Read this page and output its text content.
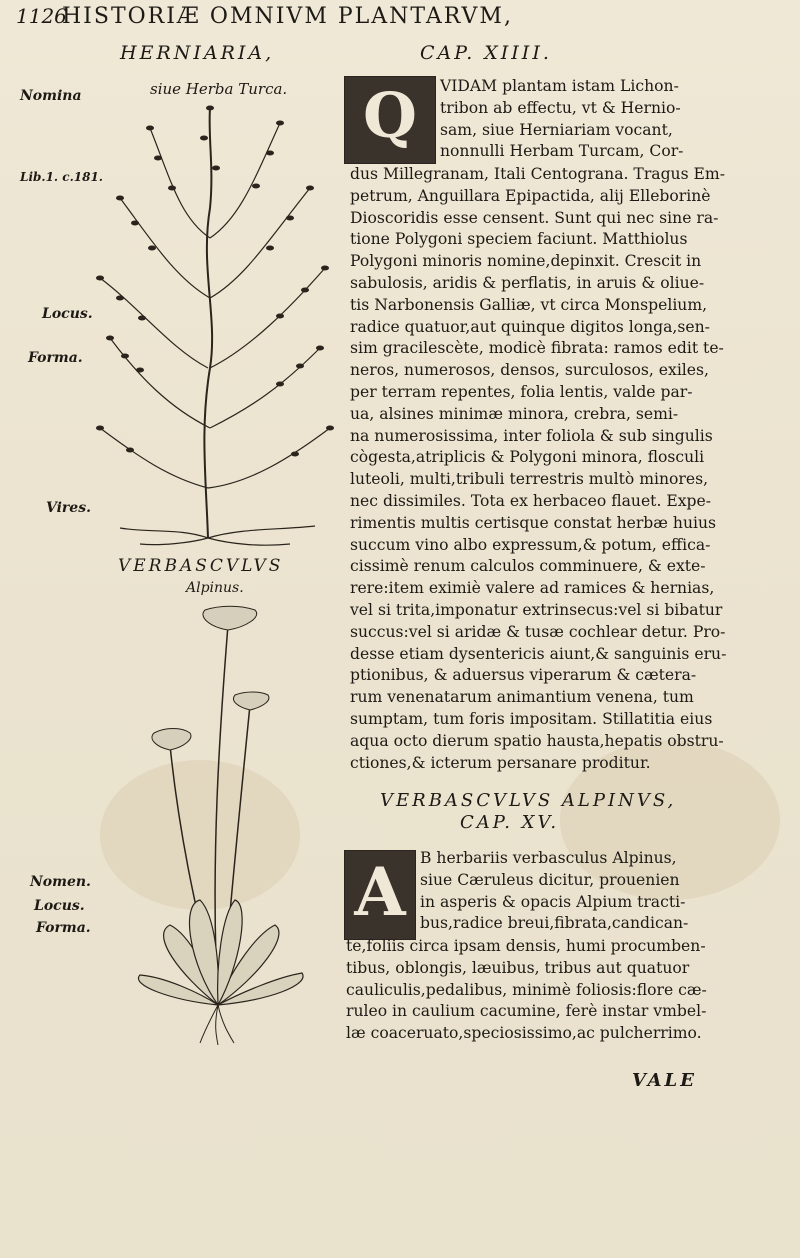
1126
HISTORIÆ OMNIVM PLANTARVM,
HERNIARIA,	CAP. XIIII.
siue Herba Turca.
Nomina
Lib.1. c.181.
Locus.
Forma.
Vires.
Nomen.
Locus.
Forma.
VERBASCVLVS
Alpinus.
Q	VIDAM plantam istam Lichon-
tribon ab effectu, vt & Hernio-
sam, siue Herniariam vocant,
nonnulli Herbam Turcam, Cor-
dus Millegranam, Itali Centograna. Tragus Em-
petrum, Anguillara Epipactida, alij Elleborinè
Dioscoridis esse censent. Sunt qui nec sine ra-
tione Polygoni speciem faciunt. Matthiolus
Polygoni minoris nomine,depinxit. Crescit in
sabulosis, aridis & perflatis, in aruis & oliue-
tis Narbonensis Galliæ, vt circa Monspelium,
radice quatuor,aut quinque digitos longa,sen-
sim gracilescète, modicè fibrata: ramos edit te-
neros, numerosos, densos, surculosos, exiles,
per terram repentes, folia lentis, valde par-
ua, alsines minimæ minora, crebra, semi-
na numerosissima, inter foliola & sub singulis
cògesta,atriplicis & Polygoni minora, flosculi
luteoli, multi,tribuli terrestris multò minores,
nec dissimiles. Tota ex herbaceo flauet. Expe-
rimentis multis certisque constat herbæ huius
succum vino albo expressum,& potum, effica-
cissimè renum calculos comminuere, & exte-
rere:item eximiè valere ad ramices & hernias,
vel si trita,imponatur extrinsecus:vel si bibatur
succus:vel si aridæ & tusæ cochlear detur. Pro-
desse etiam dysentericis aiunt,& sanguinis eru-
ptionibus, & aduersus viperarum & cætera-
rum venenatarum animantium venena, tum
sumptam, tum foris impositam. Stillatitia eius
aqua octo dierum spatio hausta,hepatis obstru-
ctiones,& icterum persanare proditur.
VERBASCVLVS ALPINVS,
CAP. XV.
A B herbariis verbasculus Alpinus,
siue Cæruleus dicitur, prouenien
in asperis & opacis Alpium tracti-
bus,radice breui,fibrata,candican-
te,foliis circa ipsam densis, humi procumben-
tibus, oblongis, læuibus, tribus aut quatuor
cauliculis,pedalibus, minimè foliosis:flore cæ-
ruleo in caulium cacumine, ferè instar vmbel-
læ coaceruato,speciosissimo,ac pulcherrimo.
VALE
